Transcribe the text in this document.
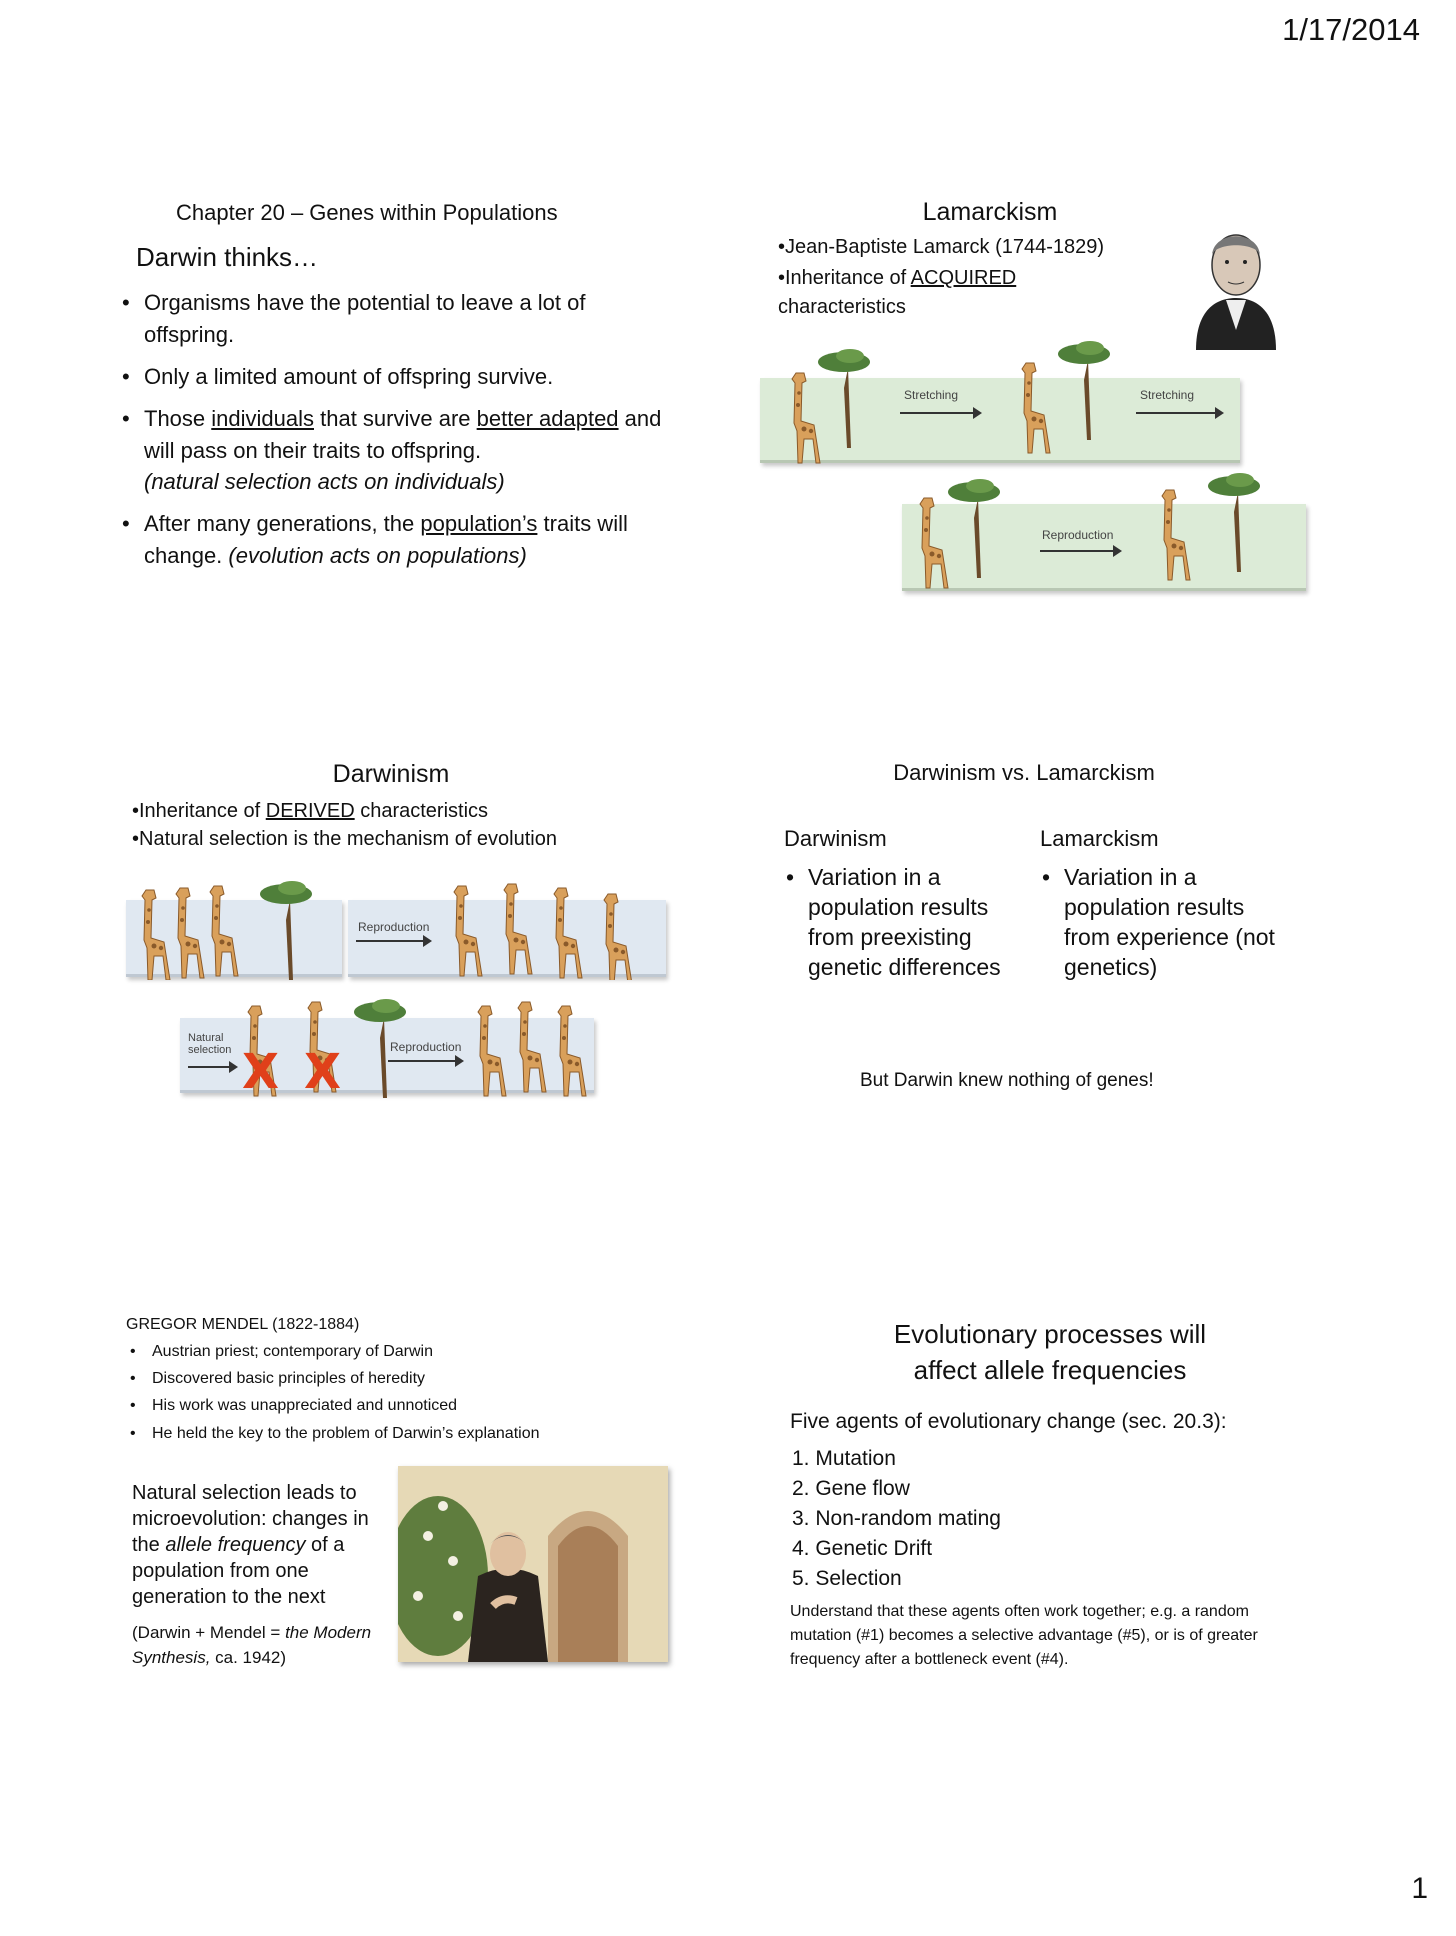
1/17/2014
1
Chapter 20 – Genes within Populations
Darwin thinks…
• Organisms have the potential to leave a lot of offspring.
• Only a limited amount of offspring survive.
• Those individuals that survive are better adapted and will pass on their traits to offspring.
(natural selection acts on individuals)
• After many generations, the population’s traits will change. (evolution acts on populations)
Lamarckism
•Jean-Baptiste Lamarck (1744-1829)
•Inheritance of ACQUIRED
characteristics
Stretching	Stretching
Reproduction
Darwinism
•Inheritance of DERIVED characteristics
•Natural selection is the mechanism of evolution
Reproduction
X X
Natural selection	Reproduction
Darwinism vs. Lamarckism
Darwinism
• Variation in a population results from preexisting genetic differences
Lamarckism
• Variation in a population results from experience (not genetics)
But Darwin knew nothing of genes!
GREGOR MENDEL (1822-1884)
• Austrian priest; contemporary of Darwin
• Discovered basic principles of heredity
• His work was unappreciated and unnoticed
• He held the key to the problem of Darwin’s explanation
Natural selection leads to microevolution: changes in the allele frequency of a population from one generation to the next
(Darwin + Mendel = the Modern Synthesis, ca. 1942)
Evolutionary processes will
affect allele frequencies
Five agents of evolutionary change (sec. 20.3):
1. Mutation
2. Gene flow
3. Non-random mating
4. Genetic Drift
5. Selection
Understand that these agents often work together; e.g. a random mutation (#1) becomes a selective advantage (#5), or is of greater frequency after a bottleneck event (#4).
